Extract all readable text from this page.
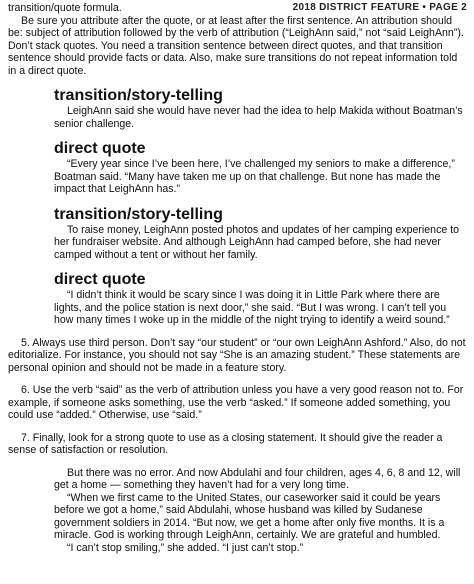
2018 DISTRICT FEATURE • PAGE 2

transition/quote formula.

Be sure you attribute after the quote, or at least after the first sentence. An attribution should be: subject of attribution followed by the verb of attribution (“LeighAnn said,” not “said LeighAnn”). Don’t stack quotes. You need a transition sentence between direct quotes, and that transition sentence should provide facts or data. Also, make sure transitions do not repeat information told in a direct quote.

transition/story-telling

LeighAnn said she would have never had the idea to help Makida without Boatman’s senior challenge.

direct quote

“Every year since I’ve been here, I’ve challenged my seniors to make a difference,” Boatman said. “Many have taken me up on that challenge. But none has made the impact that LeighAnn has.”

transition/story-telling

To raise money, LeighAnn posted photos and updates of her camping experience to her fundraiser website. And although LeighAnn had camped before, she had never camped without a tent or without her family.

direct quote

“I didn’t think it would be scary since I was doing it in Little Park where there are lights, and the police station is next door,” she said. “But I was wrong. I can’t tell you how many times I woke up in the middle of the night trying to identify a weird sound.”

5. Always use third person. Don’t say “our student” or “our own LeighAnn Ashford.” Also, do not editorialize. For instance, you should not say “She is an amazing student.” These statements are personal opinion and should not be made in a feature story.

6. Use the verb “said” as the verb of attribution unless you have a very good reason not to. For example, if someone asks something, use the verb “asked.” If someone added something, you could use “added.” Otherwise, use “said.”

7. Finally, look for a strong quote to use as a closing statement. It should give the reader a sense of satisfaction or resolution.

But there was no error. And now Abdulahi and four children, ages 4, 6, 8 and 12, will get a home — something they haven’t had for a very long time.

“When we first came to the United States, our caseworker said it could be years before we got a home,” said Abdulahi, whose husband was killed by Sudanese government soldiers in 2014. “But now, we get a home after only five months. It is a miracle. God is working through LeighAnn, certainly. We are grateful and humbled.

“I can’t stop smiling,” she added. “I just can’t stop.”
